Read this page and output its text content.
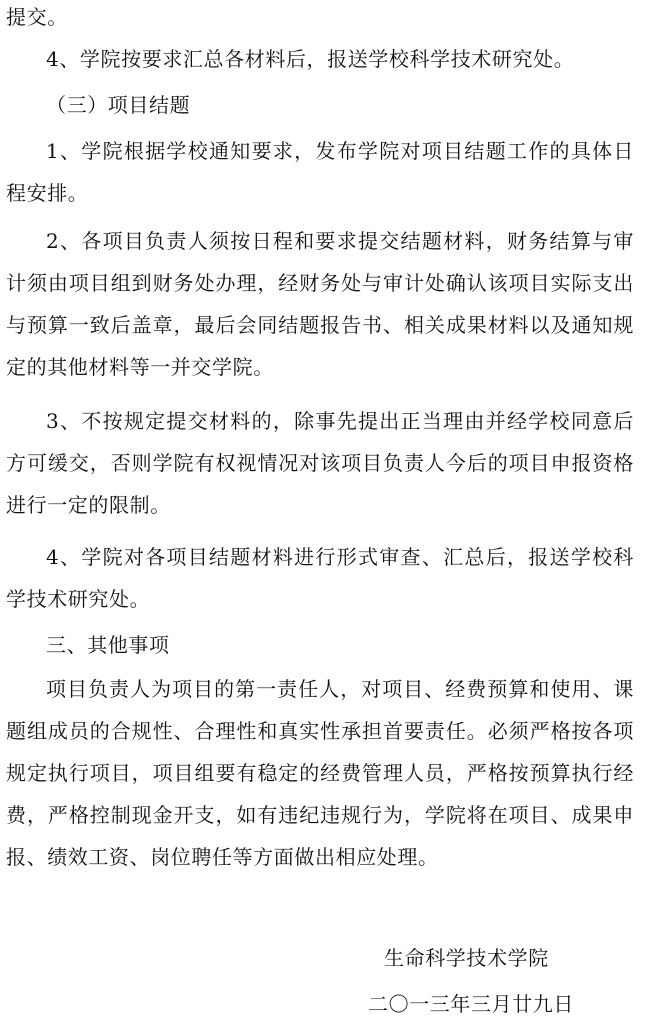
提交。

4、学院按要求汇总各材料后，报送学校科学技术研究处。

（三）项目结题

1、学院根据学校通知要求，发布学院对项目结题工作的具体日程安排。

2、各项目负责人须按日程和要求提交结题材料，财务结算与审计须由项目组到财务处办理，经财务处与审计处确认该项目实际支出与预算一致后盖章，最后会同结题报告书、相关成果材料以及通知规定的其他材料等一并交学院。

3、不按规定提交材料的，除事先提出正当理由并经学校同意后方可缓交，否则学院有权视情况对该项目负责人今后的项目申报资格进行一定的限制。

4、学院对各项目结题材料进行形式审查、汇总后，报送学校科学技术研究处。

三、其他事项

项目负责人为项目的第一责任人，对项目、经费预算和使用、课题组成员的合规性、合理性和真实性承担首要责任。必须严格按各项规定执行项目，项目组要有稳定的经费管理人员，严格按预算执行经费，严格控制现金开支，如有违纪违规行为，学院将在项目、成果申报、绩效工资、岗位聘任等方面做出相应处理。

生命科学技术学院
二〇一三年三月廿九日
